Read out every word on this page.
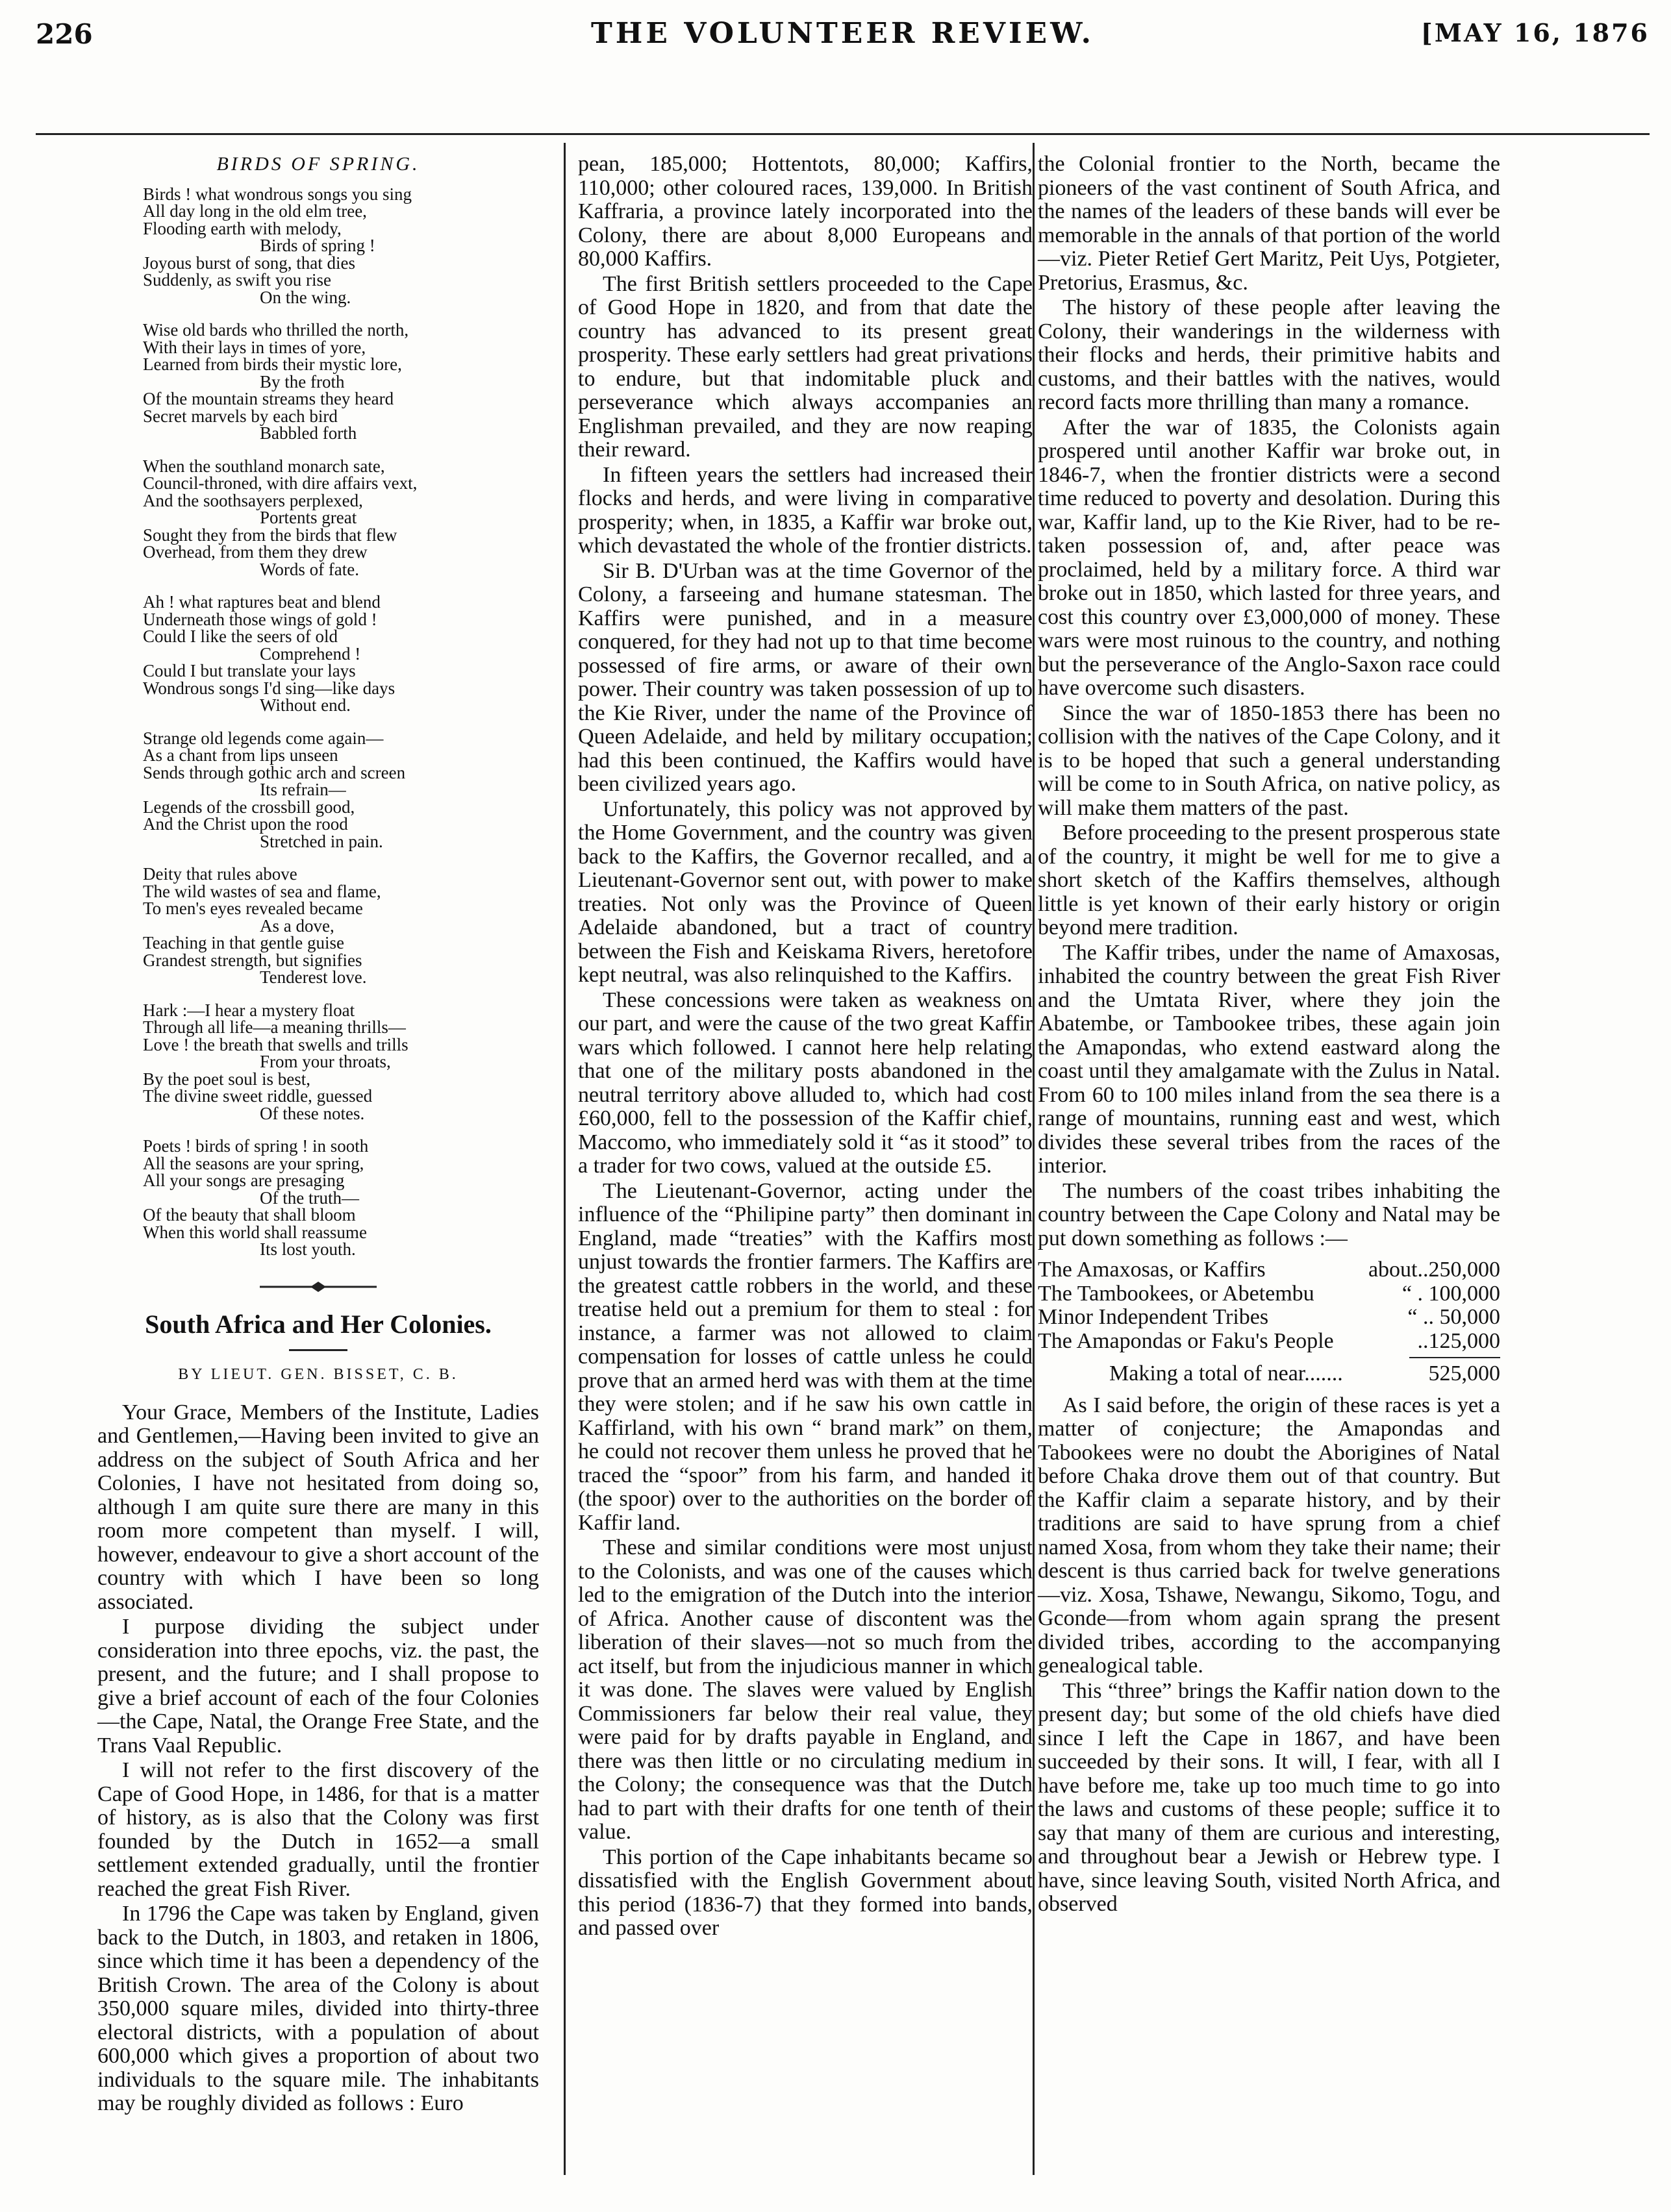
226	THE VOLUNTEER REVIEW.	[MAY 16, 1876
BIRDS OF SPRING.
Birds ! what wondrous songs you sing
All day long in the old elm tree,
Flooding earth with melody,
Birds of spring !
Joyous burst of song, that dies
Suddenly, as swift you rise
On the wing.
Wise old bards who thrilled the north,
With their lays in times of yore,
Learned from birds their mystic lore,
By the froth
Of the mountain streams they heard
Secret marvels by each bird
Babbled forth
When the southland monarch sate,
Council-throned, with dire affairs vext,
And the soothsayers perplexed,
Portents great
Sought they from the birds that flew
Overhead, from them they drew
Words of fate.
Ah ! what raptures beat and blend
Underneath those wings of gold !
Could I like the seers of old
Comprehend !
Could I but translate your lays
Wondrous songs I'd sing—like days
Without end.
Strange old legends come again—
As a chant from lips unseen
Sends through gothic arch and screen
Its refrain—
Legends of the crossbill good,
And the Christ upon the rood
Stretched in pain.
Deity that rules above
The wild wastes of sea and flame,
To men's eyes revealed became
As a dove,
Teaching in that gentle guise
Grandest strength, but signifies
Tenderest love.
Hark :—I hear a mystery float
Through all life—a meaning thrills—
Love ! the breath that swells and trills
From your throats,
By the poet soul is best,
The divine sweet riddle, guessed
Of these notes.
Poets ! birds of spring ! in sooth
All the seasons are your spring,
All your songs are presaging
Of the truth—
Of the beauty that shall bloom
When this world shall reassume
Its lost youth.
South Africa and Her Colonies.
BY LIEUT. GEN. BISSET, C. B.

Your Grace, Members of the Institute, Ladies and Gentlemen,—Having been invited to give an address on the subject of South Africa and her Colonies, I have not hesitated from doing so, although I am quite sure there are many in this room more competent than myself. I will, however, endeavour to give a short account of the country with which I have been so long associated.

I purpose dividing the subject under consideration into three epochs, viz. the past, the present, and the future; and I shall propose to give a brief account of each of the four Colonies—the Cape, Natal, the Orange Free State, and the Trans Vaal Republic.

I will not refer to the first discovery of the Cape of Good Hope, in 1486, for that is a matter of history, as is also that the Colony was first founded by the Dutch in 1652—a small settlement extended gradually, until the frontier reached the great Fish River.

In 1796 the Cape was taken by England, given back to the Dutch, in 1803, and retaken in 1806, since which time it has been a dependency of the British Crown. The area of the Colony is about 350,000 square miles, divided into thirty-three electoral districts, with a population of about 600,000 which gives a proportion of about two individuals to the square mile. The inhabitants may be roughly divided as follows : Euro

pean, 185,000; Hottentots, 80,000; Kaffirs, 110,000; other coloured races, 139,000. In British Kaffraria, a province lately incorporated into the Colony, there are about 8,000 Europeans and 80,000 Kaffirs.

The first British settlers proceeded to the Cape of Good Hope in 1820, and from that date the country has advanced to its present great prosperity. These early settlers had great privations to endure, but that indomitable pluck and perseverance which always accompanies an Englishman prevailed, and they are now reaping their reward.

In fifteen years the settlers had increased their flocks and herds, and were living in comparative prosperity; when, in 1835, a Kaffir war broke out, which devastated the whole of the frontier districts.

Sir B. D'Urban was at the time Governor of the Colony, a farseeing and humane statesman. The Kaffirs were punished, and in a measure conquered, for they had not up to that time become possessed of fire arms, or aware of their own power. Their country was taken possession of up to the Kie River, under the name of the Province of Queen Adelaide, and held by military occupation; had this been continued, the Kaffirs would have been civilized years ago.

Unfortunately, this policy was not approved by the Home Government, and the country was given back to the Kaffirs, the Governor recalled, and a Lieutenant-Governor sent out, with power to make treaties. Not only was the Province of Queen Adelaide abandoned, but a tract of country between the Fish and Keiskama Rivers, heretofore kept neutral, was also relinquished to the Kaffirs.

These concessions were taken as weakness on our part, and were the cause of the two great Kaffir wars which followed. I cannot here help relating that one of the military posts abandoned in the neutral territory above alluded to, which had cost £60,000, fell to the possession of the Kaffir chief, Maccomo, who immediately sold it “as it stood” to a trader for two cows, valued at the outside £5.

The Lieutenant-Governor, acting under the influence of the “Philipine party” then dominant in England, made “treaties” with the Kaffirs most unjust towards the frontier farmers. The Kaffirs are the greatest cattle robbers in the world, and these treatise held out a premium for them to steal : for instance, a farmer was not allowed to claim compensation for losses of cattle unless he could prove that an armed herd was with them at the time they were stolen; and if he saw his own cattle in Kaffirland, with his own “ brand mark” on them, he could not recover them unless he proved that he traced the “spoor” from his farm, and handed it (the spoor) over to the authorities on the border of Kaffir land.

These and similar conditions were most unjust to the Colonists, and was one of the causes which led to the emigration of the Dutch into the interior of Africa. Another cause of discontent was the liberation of their slaves—not so much from the act itself, but from the injudicious manner in which it was done. The slaves were valued by English Commissioners far below their real value, they were paid for by drafts payable in England, and there was then little or no circulating medium in the Colony; the consequence was that the Dutch had to part with their drafts for one tenth of their value.

This portion of the Cape inhabitants became so dissatisfied with the English Government about this period (1836-7) that they formed into bands, and passed over

the Colonial frontier to the North, became the pioneers of the vast continent of South Africa, and the names of the leaders of these bands will ever be memorable in the annals of that portion of the world—viz. Pieter Retief Gert Maritz, Peit Uys, Potgieter, Pretorius, Erasmus, &c.

The history of these people after leaving the Colony, their wanderings in the wilderness with their flocks and herds, their primitive habits and customs, and their battles with the natives, would record facts more thrilling than many a romance.

After the war of 1835, the Colonists again prospered until another Kaffir war broke out, in 1846-7, when the frontier districts were a second time reduced to poverty and desolation. During this war, Kaffir land, up to the Kie River, had to be re-taken possession of, and, after peace was proclaimed, held by a military force. A third war broke out in 1850, which lasted for three years, and cost this country over £3,000,000 of money. These wars were most ruinous to the country, and nothing but the perseverance of the Anglo-Saxon race could have overcome such disasters.

Since the war of 1850-1853 there has been no collision with the natives of the Cape Colony, and it is to be hoped that such a general understanding will be come to in South Africa, on native policy, as will make them matters of the past.

Before proceeding to the present prosperous state of the country, it might be well for me to give a short sketch of the Kaffirs themselves, although little is yet known of their early history or origin beyond mere tradition.

The Kaffir tribes, under the name of Amaxosas, inhabited the country between the great Fish River and the Umtata River, where they join the Abatembe, or Tambookee tribes, these again join the Amapondas, who extend eastward along the coast until they amalgamate with the Zulus in Natal. From 60 to 100 miles inland from the sea there is a range of mountains, running east and west, which divides these several tribes from the races of the interior.

The numbers of the coast tribes inhabiting the country between the Cape Colony and Natal may be put down something as follows :—

The Amaxosas, or Kaffirs	about..250,000
The Tambookees, or Abetembu	“ . 100,000
Minor Independent Tribes	“ .. 50,000
The Amapondas or Faku's People	..125,000
Making a total of near.......	525,000

As I said before, the origin of these races is yet a matter of conjecture; the Amapondas and Tabookees were no doubt the Aborigines of Natal before Chaka drove them out of that country. But the Kaffir claim a separate history, and by their traditions are said to have sprung from a chief named Xosa, from whom they take their name; their descent is thus carried back for twelve generations—viz. Xosa, Tshawe, Newangu, Sikomo, Togu, and Gconde—from whom again sprang the present divided tribes, according to the accompanying genealogical table.

This “three” brings the Kaffir nation down to the present day; but some of the old chiefs have died since I left the Cape in 1867, and have been succeeded by their sons. It will, I fear, with all I have before me, take up too much time to go into the laws and customs of these people; suffice it to say that many of them are curious and interesting, and throughout bear a Jewish or Hebrew type. I have, since leaving South, visited North Africa, and observed
